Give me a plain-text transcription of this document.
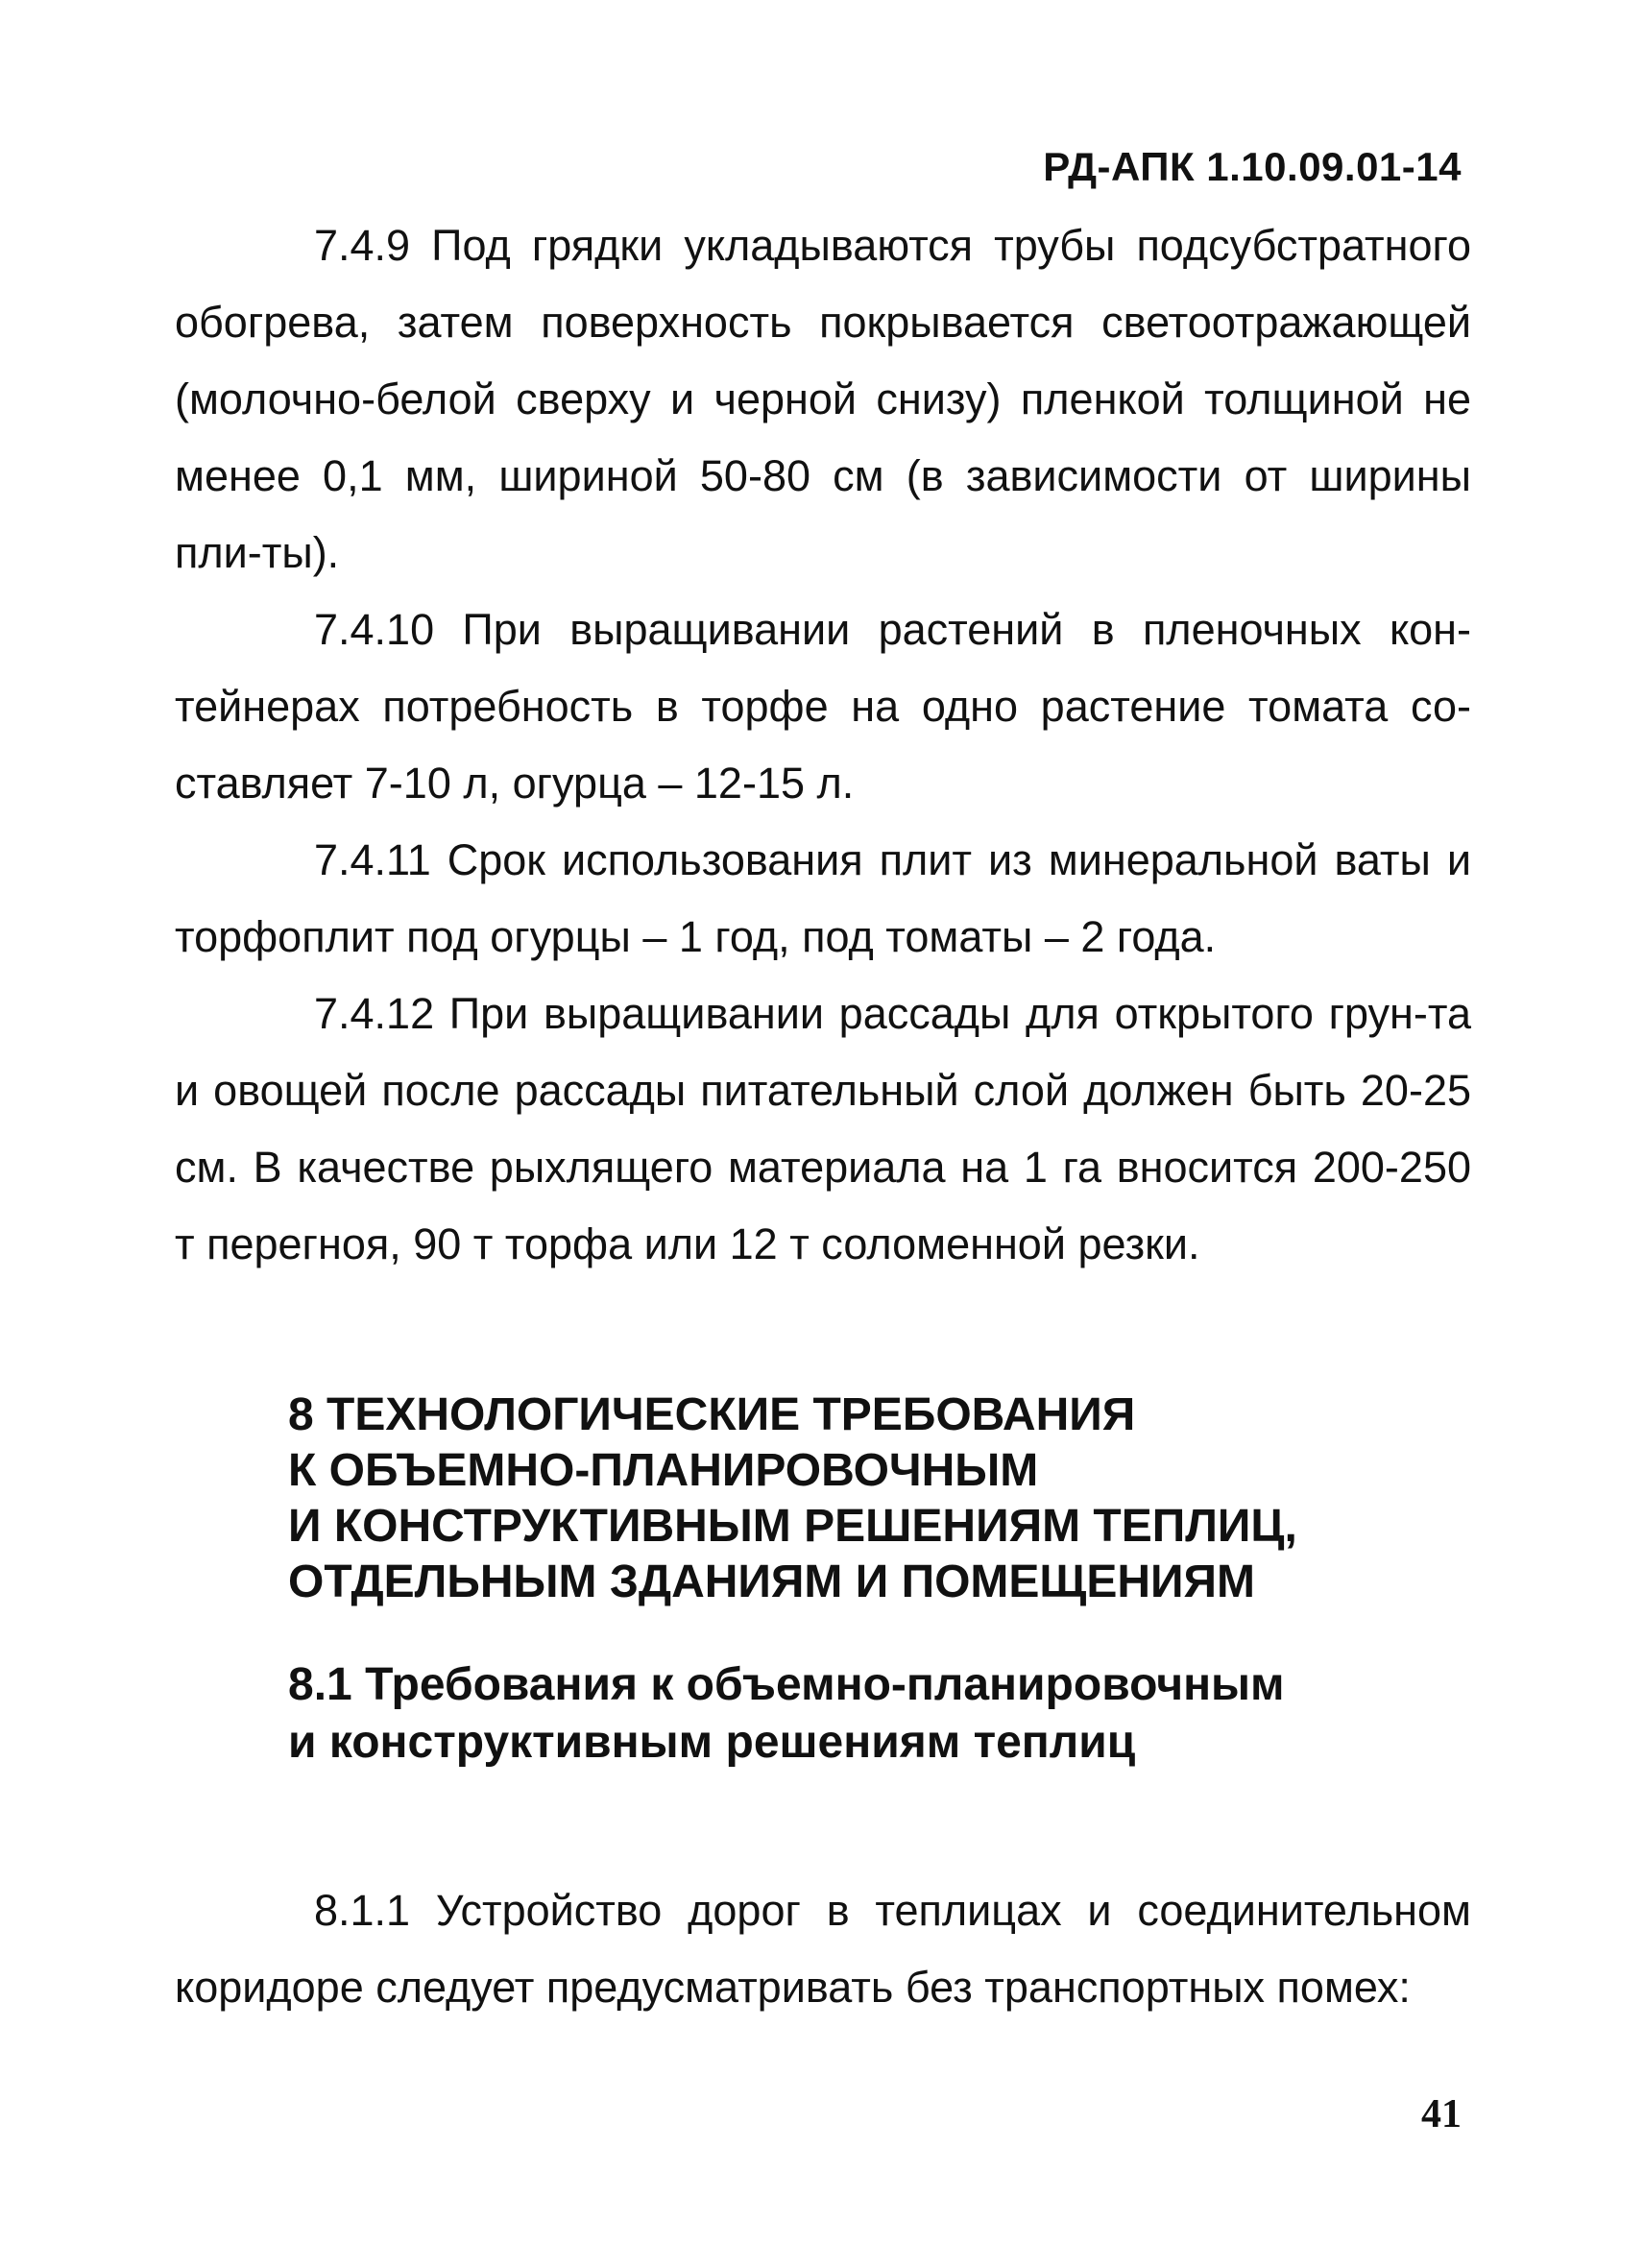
РД-АПК 1.10.09.01-14

7.4.9 Под грядки укладываются трубы подсубстратного обогрева, затем поверхность покрывается светоотражающей (молочно-белой сверху и черной снизу) пленкой толщиной не менее 0,1 мм, шириной 50-80 см (в зависимости от ширины пли-ты).

7.4.10 При выращивании растений в пленочных кон-тейнерах потребность в торфе на одно растение томата со-ставляет 7-10 л, огурца – 12-15 л.

7.4.11 Срок использования плит из минеральной ваты и торфоплит под огурцы – 1 год, под томаты – 2 года.

7.4.12 При выращивании рассады для открытого грун-та и овощей после рассады питательный слой должен быть 20-25 см. В качестве рыхлящего материала на 1 га вносится 200-250 т перегноя, 90 т торфа или 12 т соломенной резки.

8 ТЕХНОЛОГИЧЕСКИЕ ТРЕБОВАНИЯ
К ОБЪЕМНО-ПЛАНИРОВОЧНЫМ
И КОНСТРУКТИВНЫМ РЕШЕНИЯМ ТЕПЛИЦ,
ОТДЕЛЬНЫМ ЗДАНИЯМ И ПОМЕЩЕНИЯМ
8.1 Требования к объемно-планировочным
и конструктивным решениям теплиц

8.1.1 Устройство дорог в теплицах и соединительном коридоре следует предусматривать без транспортных помех:

41
